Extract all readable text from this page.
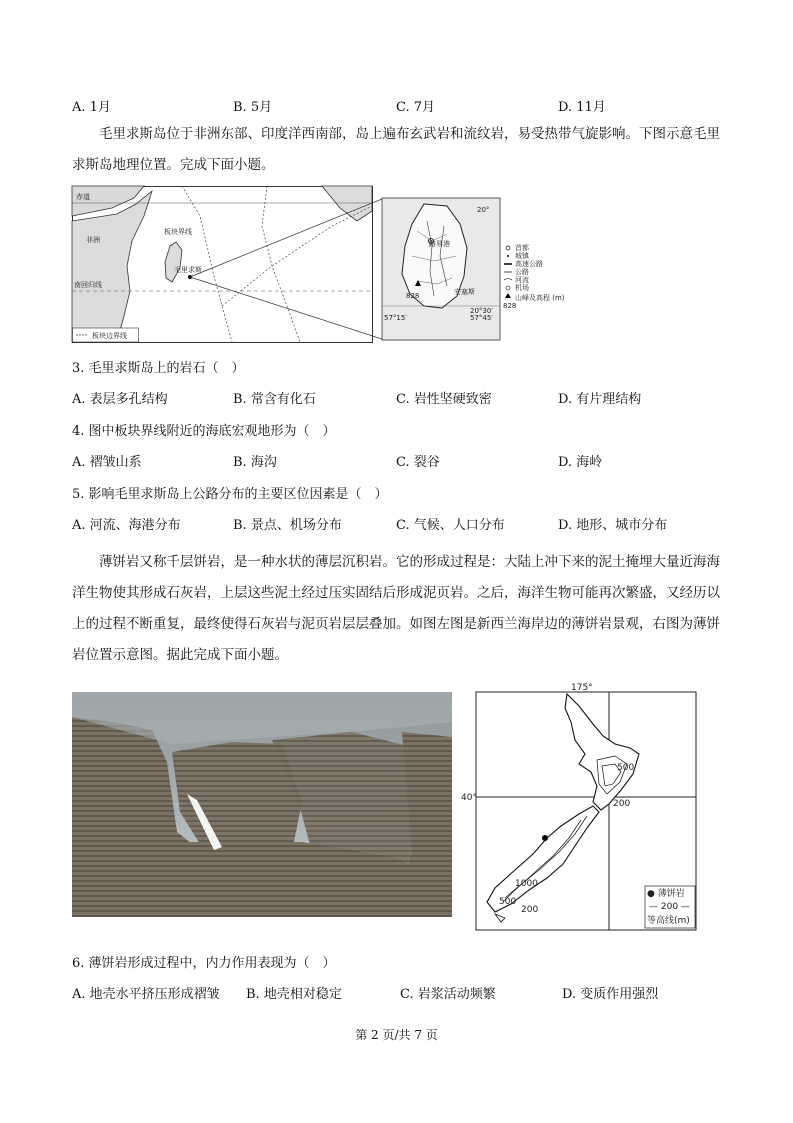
A. 1月	B. 5月	C. 7月	D. 11月
毛里求斯岛位于非洲东部、印度洋西南部，岛上遍布玄武岩和流纹岩，易受热带气旋影响。下图示意毛里求斯岛地理位置。完成下面小题。
赤道
非洲
板块界线
毛里求斯
南回归线
板块边界线
20°
20°30′
57°15′	57°45′
路易港
安塞斯
828
首都
城镇
高速公路
公路
河流
机场
山峰及高程 (m)
828
3. 毛里求斯岛上的岩石（　）
A. 表层多孔结构	B. 常含有化石	C. 岩性坚硬致密	D. 有片理结构
4. 图中板块界线附近的海底宏观地形为（　）
A. 褶皱山系	B. 海沟	C. 裂谷	D. 海岭
5. 影响毛里求斯岛上公路分布的主要区位因素是（　）
A. 河流、海港分布	B. 景点、机场分布	C. 气候、人口分布	D. 地形、城市分布
薄饼岩又称千层饼岩，是一种水状的薄层沉积岩。它的形成过程是：大陆上冲下来的泥土掩埋大量近海海洋生物使其形成石灰岩，上层这些泥土经过压实固结后形成泥页岩。之后，海洋生物可能再次繁盛，又经历以上的过程不断重复，最终使得石灰岩与泥页岩层层叠加。如图左图是新西兰海岸边的薄饼岩景观，右图为薄饼岩位置示意图。据此完成下面小题。
175°
40°
500
200
1000
500
200
● 薄饼岩
— 200 —
等高线(m)
6. 薄饼岩形成过程中，内力作用表现为（　）
A. 地壳水平挤压形成褶皱 B. 地壳相对稳定	C. 岩浆活动频繁	D. 变质作用强烈
第 2 页/共 7 页
